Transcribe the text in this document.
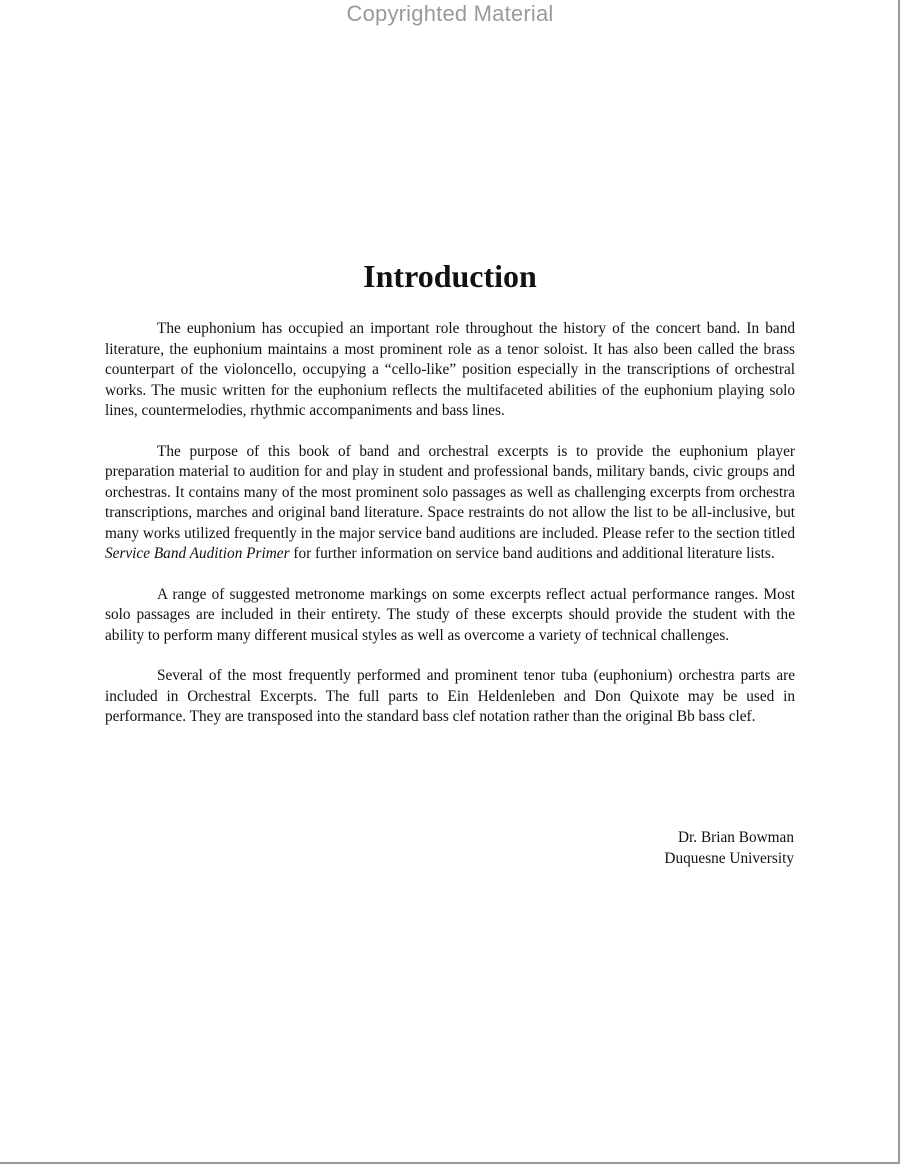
Copyrighted Material
Introduction

The euphonium has occupied an important role throughout the history of the concert band. In band literature, the euphonium maintains a most prominent role as a tenor soloist. It has also been called the brass counterpart of the violoncello, occupying a “cello-like” position especially in the transcriptions of orchestral works. The music written for the euphonium reflects the multifaceted abilities of the euphonium playing solo lines, countermelodies, rhythmic accompaniments and bass lines.

The purpose of this book of band and orchestral excerpts is to provide the euphonium player preparation material to audition for and play in student and professional bands, military bands, civic groups and orchestras. It contains many of the most prominent solo passages as well as challenging excerpts from orchestra transcriptions, marches and original band literature. Space restraints do not allow the list to be all-inclusive, but many works utilized frequently in the major service band auditions are included. Please refer to the section titled Service Band Audition Primer for further information on service band auditions and additional literature lists.

A range of suggested metronome markings on some excerpts reflect actual performance ranges. Most solo passages are included in their entirety. The study of these excerpts should provide the student with the ability to perform many different musical styles as well as overcome a variety of technical challenges.

Several of the most frequently performed and prominent tenor tuba (euphonium) orchestra parts are included in Orchestral Excerpts. The full parts to Ein Heldenleben and Don Quixote may be used in performance. They are transposed into the standard bass clef notation rather than the original Bb bass clef.

Dr. Brian Bowman
Duquesne University
